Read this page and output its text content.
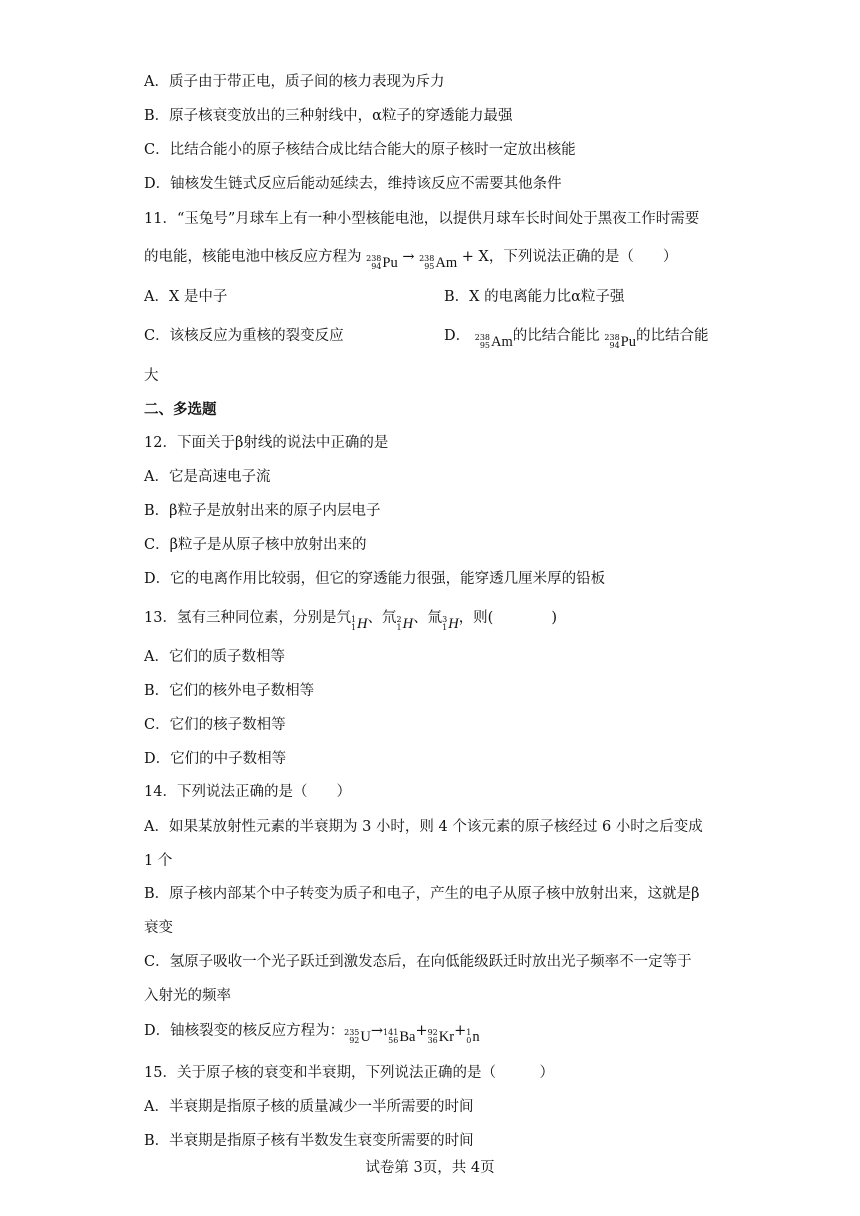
A．质子由于带正电，质子间的核力表现为斥力
B．原子核衰变放出的三种射线中，α粒子的穿透能力最强
C．比结合能小的原子核结合成比结合能大的原子核时一定放出核能
D．铀核发生链式反应后能动延续去，维持该反应不需要其他条件
11．“玉兔号”月球车上有一种小型核能电池，以提供月球车长时间处于黑夜工作时需要
的电能，核能电池中核反应方程为 238
94 Pu → 238
95 Am + X，下列说法正确的是（　　）
A．X 是中子	B．X 的电离能力比α粒子强
C．该核反应为重核的裂变反应	D． 238
95 Am 的比结合能比 238
94 Pu 的比结合能
大
二、多选题
12．下面关于β射线的说法中正确的是
A．它是高速电子流
B．β粒子是放射出来的原子内层电子
C．β粒子是从原子核中放射出来的
D．它的电离作用比较弱，但它的穿透能力很强，能穿透几厘米厚的铅板
13．氢有三种同位素，分别是氕 1
1 H 、氘 2
1 H 、氚 3
1 H ，则(　　　　)
A．它们的质子数相等
B．它们的核外电子数相等
C．它们的核子数相等
D．它们的中子数相等
14．下列说法正确的是（　　）
A．如果某放射性元素的半衰期为 3 小时，则 4 个该元素的原子核经过 6 小时之后变成
1 个
B．原子核内部某个中子转变为质子和电子，产生的电子从原子核中放射出来，这就是β
衰变
C．氢原子吸收一个光子跃迁到激发态后，在向低能级跃迁时放出光子频率不一定等于
入射光的频率
D．铀核裂变的核反应方程为： 235
92 U → 141
56 Ba + 92
36 Kr + 1
0 n
15．关于原子核的衰变和半衰期，下列说法正确的是（　　　）
A．半衰期是指原子核的质量减少一半所需要的时间
B．半衰期是指原子核有半数发生衰变所需要的时间
试卷第 3页，共 4页
